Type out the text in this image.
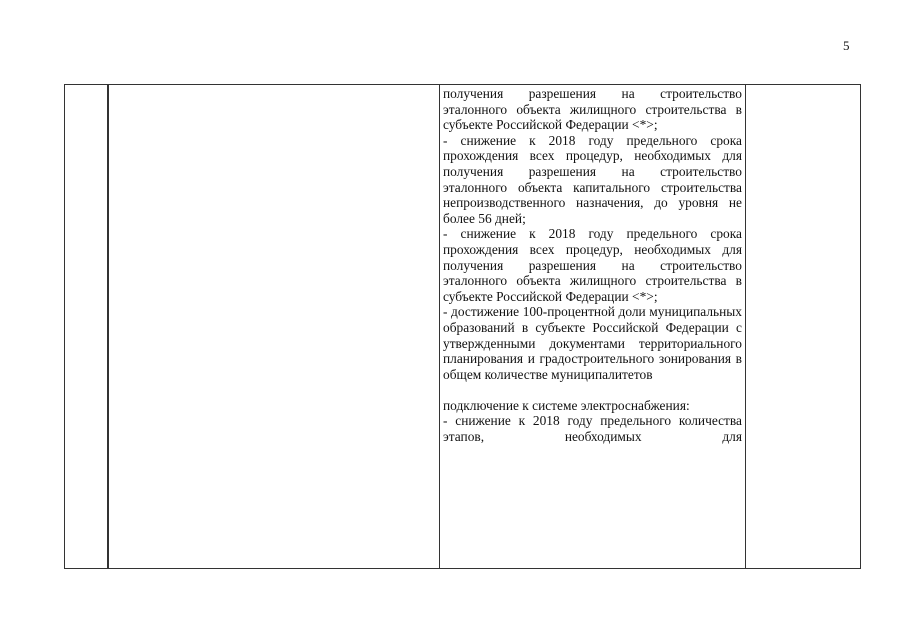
5

получения разрешения на строительство эталонного объекта жилищного строительства в субъекте Российской Федерации <*>;
- снижение к 2018 году предельного срока прохождения всех процедур, необходимых для получения разрешения на строительство эталонного объекта капитального строительства непроизводственного назначения, до уровня не более 56 дней;
- снижение к 2018 году предельного срока прохождения всех процедур, необходимых для получения разрешения на строительство эталонного объекта жилищного строительства в субъекте Российской Федерации <*>;
- достижение 100-процентной доли муниципальных образований в субъекте Российской Федерации с утвержденными документами территориального планирования и градостроительного зонирования в общем количестве муниципалитетов
подключение к системе электроснабжения:
- снижение к 2018 году предельного количества этапов, необходимых для
